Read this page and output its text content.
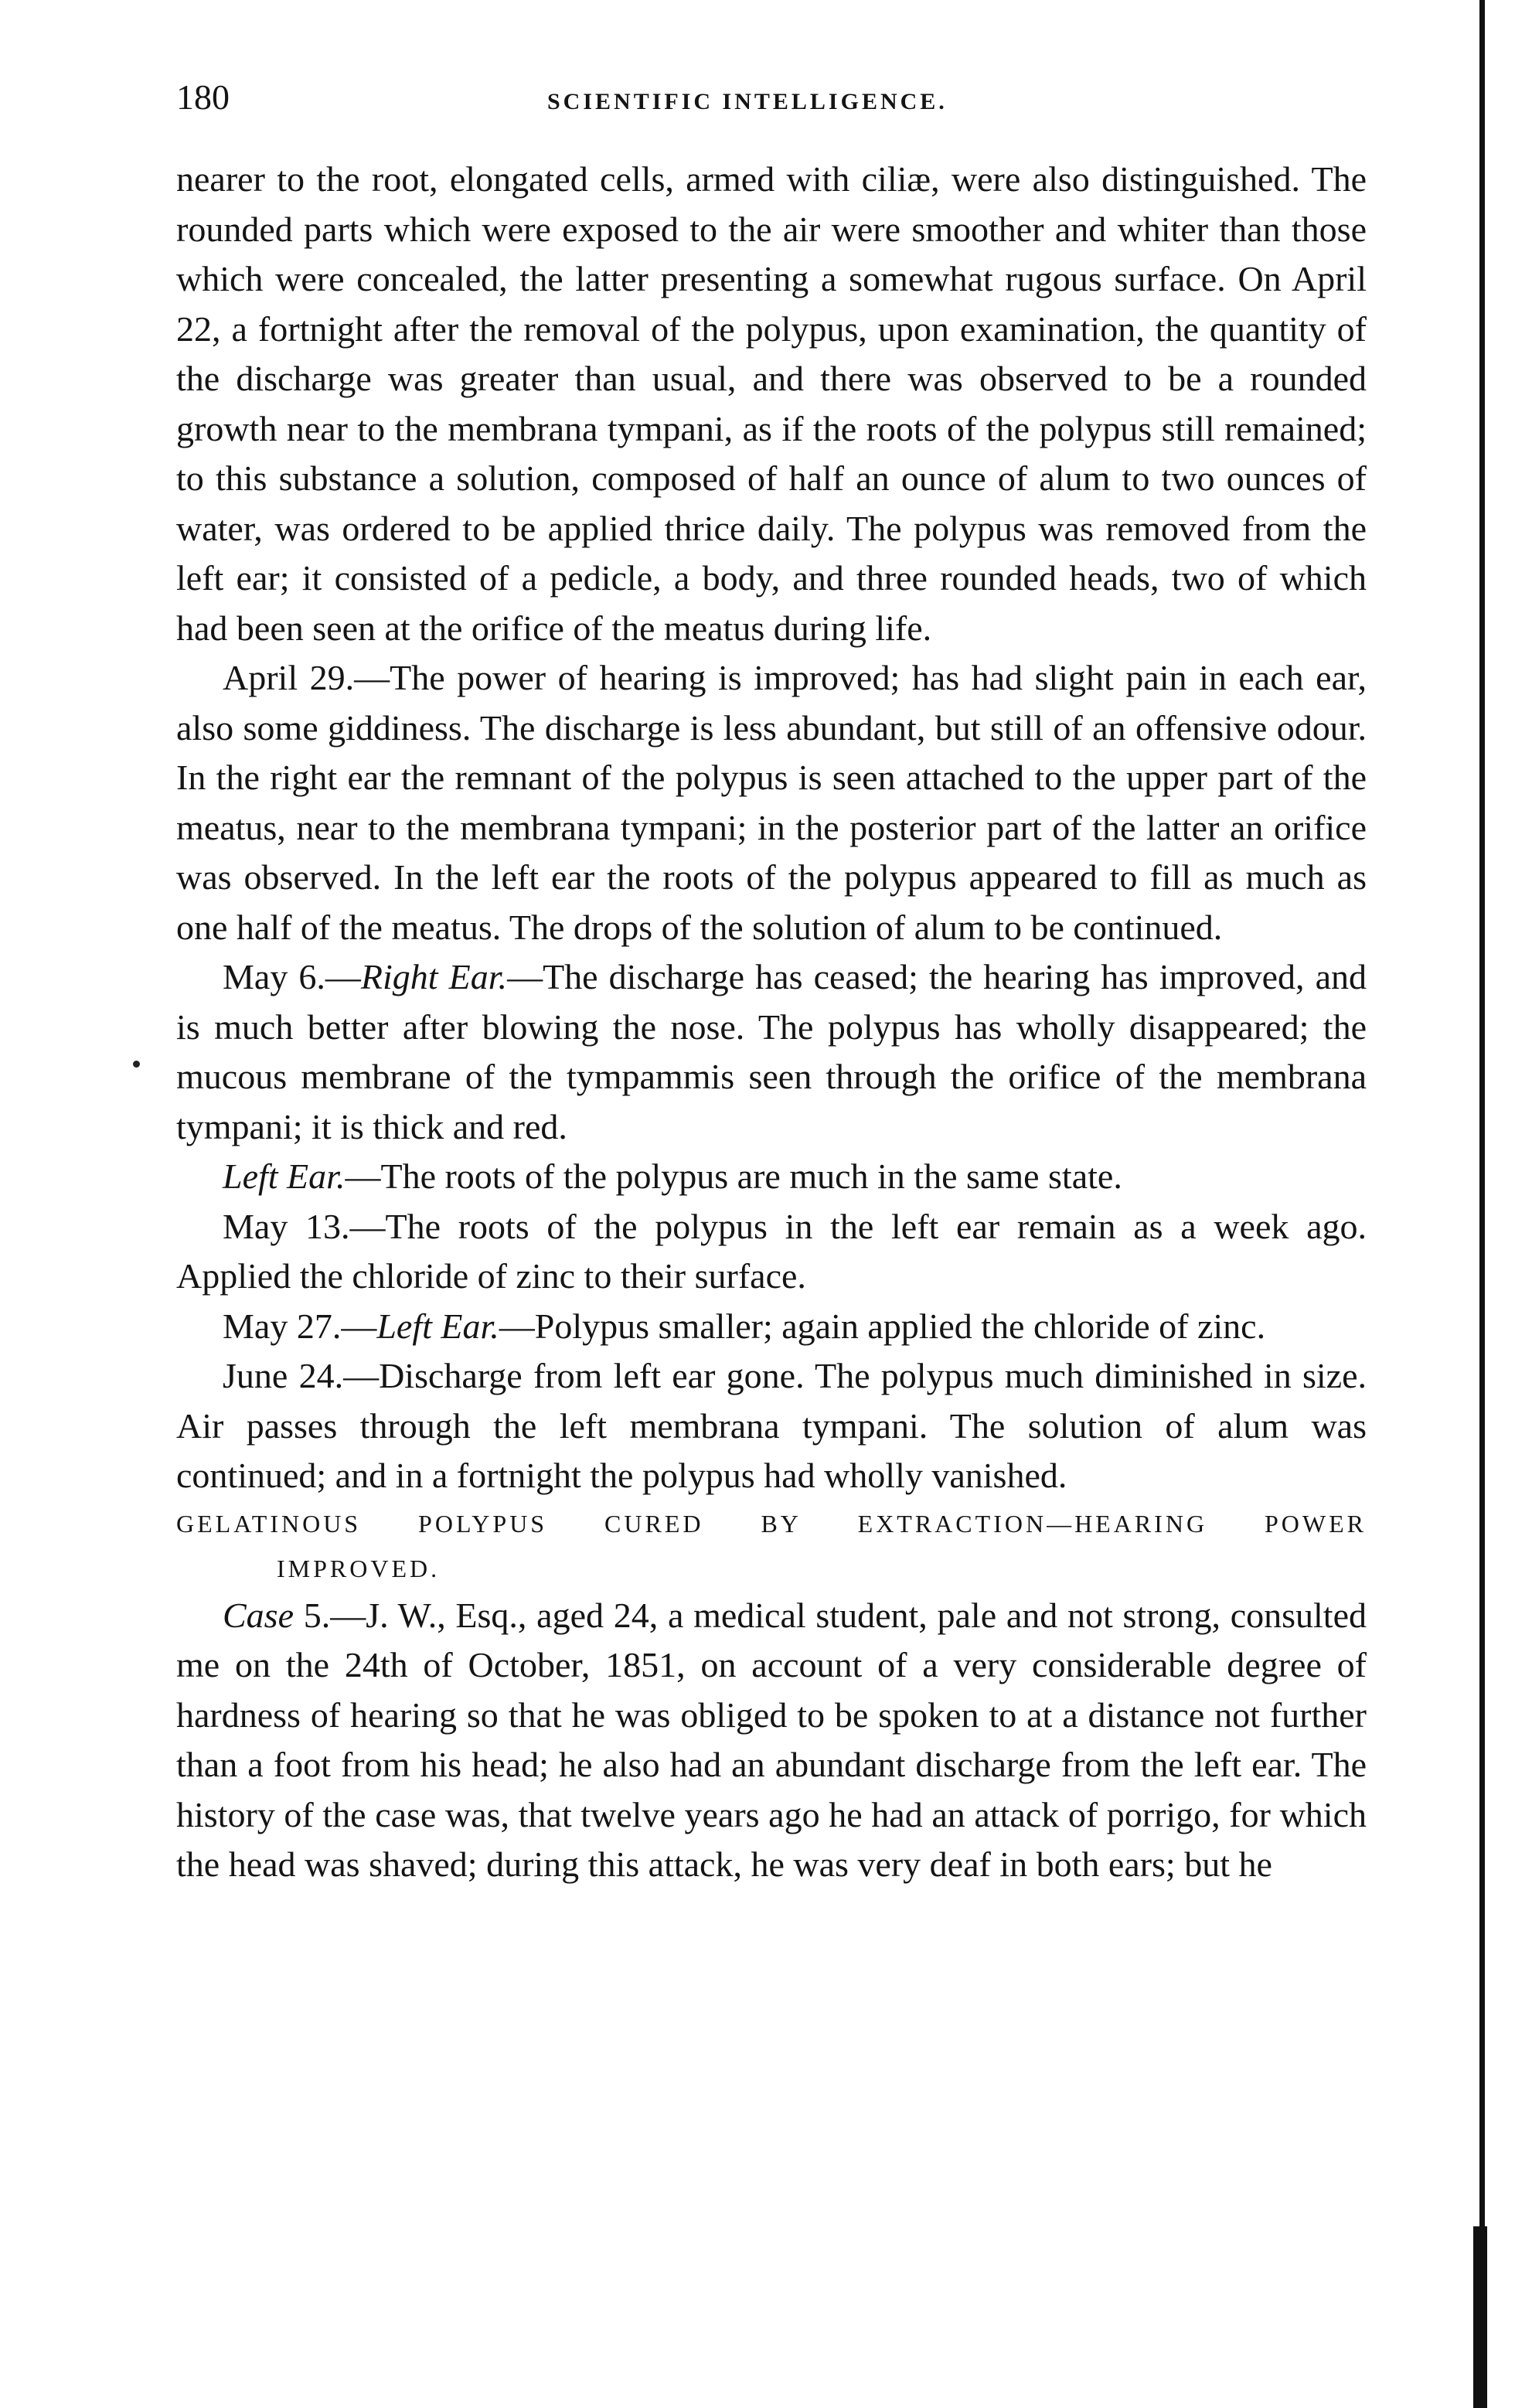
180	SCIENTIFIC INTELLIGENCE.

nearer to the root, elongated cells, armed with ciliæ, were also distinguished. The rounded parts which were exposed to the air were smoother and whiter than those which were concealed, the latter presenting a somewhat rugous surface. On April 22, a fortnight after the removal of the polypus, upon examination, the quantity of the discharge was greater than usual, and there was observed to be a rounded growth near to the membrana tympani, as if the roots of the polypus still remained; to this substance a solution, composed of half an ounce of alum to two ounces of water, was ordered to be applied thrice daily. The polypus was removed from the left ear; it consisted of a pedicle, a body, and three rounded heads, two of which had been seen at the orifice of the meatus during life.

April 29.—The power of hearing is improved; has had slight pain in each ear, also some giddiness. The discharge is less abundant, but still of an offensive odour. In the right ear the remnant of the polypus is seen attached to the upper part of the meatus, near to the membrana tympani; in the posterior part of the latter an orifice was observed. In the left ear the roots of the polypus appeared to fill as much as one half of the meatus. The drops of the solution of alum to be continued.

May 6.—Right Ear.—The discharge has ceased; the hearing has improved, and is much better after blowing the nose. The polypus has wholly disappeared; the mucous membrane of the tympammis seen through the orifice of the membrana tympani; it is thick and red.

Left Ear.—The roots of the polypus are much in the same state.

May 13.—The roots of the polypus in the left ear remain as a week ago. Applied the chloride of zinc to their surface.

May 27.—Left Ear.—Polypus smaller; again applied the chloride of zinc.

June 24.—Discharge from left ear gone. The polypus much diminished in size. Air passes through the left membrana tympani. The solution of alum was continued; and in a fortnight the polypus had wholly vanished.

GELATINOUS POLYPUS CURED BY EXTRACTION—HEARING POWER IMPROVED.

Case 5.—J. W., Esq., aged 24, a medical student, pale and not strong, consulted me on the 24th of October, 1851, on account of a very considerable degree of hardness of hearing so that he was obliged to be spoken to at a distance not further than a foot from his head; he also had an abundant discharge from the left ear. The history of the case was, that twelve years ago he had an attack of porrigo, for which the head was shaved; during this attack, he was very deaf in both ears; but he
